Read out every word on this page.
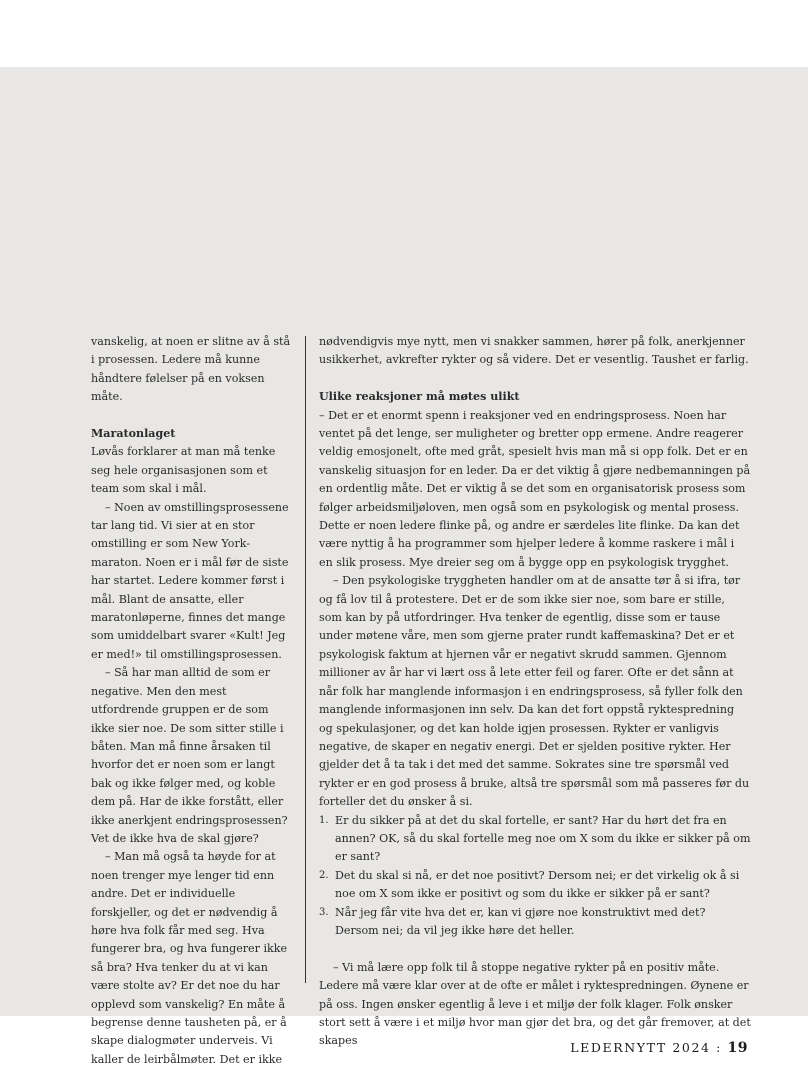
vanskelig, at noen er slitne av å stå i prosessen. Ledere må kunne håndtere følelser på en voksen måte.

Maratonlaget

Løvås forklarer at man må tenke seg hele organisasjonen som et team som skal i mål.

– Noen av omstillingsprosessene tar lang tid. Vi sier at en stor omstilling er som New York-maraton. Noen er i mål før de siste har startet. Ledere kommer først i mål. Blant de ansatte, eller maratonløperne, finnes det mange som umiddelbart svarer «Kult! Jeg er med!» til omstillingsprosessen.

– Så har man alltid de som er negative. Men den mest utfordrende gruppen er de som ikke sier noe. De som sitter stille i båten. Man må finne årsaken til hvorfor det er noen som er langt bak og ikke følger med, og koble dem på. Har de ikke forstått, eller ikke anerkjent endringsprosessen? Vet de ikke hva de skal gjøre?

– Man må også ta høyde for at noen trenger mye lenger tid enn andre. Det er individuelle forskjeller, og det er nødvendig å høre hva folk får med seg. Hva fungerer bra, og hva fungerer ikke så bra? Hva tenker du at vi kan være stolte av? Er det noe du har opplevd som vanskelig? En måte å begrense denne tausheten på, er å skape dialogmøter underveis. Vi kaller de leirbålmøter. Det er ikke

nødvendigvis mye nytt, men vi snakker sammen, hører på folk, anerkjenner usikkerhet, avkrefter rykter og så videre. Det er vesentlig. Taushet er farlig.

Ulike reaksjoner må møtes ulikt

– Det er et enormt spenn i reaksjoner ved en endringsprosess. Noen har ventet på det lenge, ser muligheter og bretter opp ermene. Andre reagerer veldig emosjonelt, ofte med gråt, spesielt hvis man må si opp folk. Det er en vanskelig situasjon for en leder. Da er det viktig å gjøre nedbemanningen på en ordentlig måte. Det er viktig å se det som en organisatorisk prosess som følger arbeidsmiljøloven, men også som en psykologisk og mental prosess. Dette er noen ledere flinke på, og andre er særdeles lite flinke. Da kan det være nyttig å ha programmer som hjelper ledere å komme raskere i mål i en slik prosess. Mye dreier seg om å bygge opp en psykologisk trygghet.

– Den psykologiske tryggheten handler om at de ansatte tør å si ifra, tør og få lov til å protestere. Det er de som ikke sier noe, som bare er stille, som kan by på utfordringer. Hva tenker de egentlig, disse som er tause under møtene våre, men som gjerne prater rundt kaffemaskina? Det er et psykologisk faktum at hjernen vår er negativt skrudd sammen. Gjennom millioner av år har vi lært oss å lete etter feil og farer. Ofte er det sånn at når folk har manglende informasjon i en endringsprosess, så fyller folk den manglende informasjonen inn selv. Da kan det fort oppstå ryktespredning og spekulasjoner, og det kan holde igjen prosessen. Rykter er vanligvis negative, de skaper en negativ energi. Det er sjelden positive rykter. Her gjelder det å ta tak i det med det samme. Sokrates sine tre spørsmål ved rykter er en god prosess å bruke, altså tre spørsmål som må passeres før du forteller det du ønsker å si.

1. Er du sikker på at det du skal fortelle, er sant? Har du hørt det fra en annen? OK, så du skal fortelle meg noe om X som du ikke er sikker på om er sant?
2. Det du skal si nå, er det noe positivt? Dersom nei; er det virkelig ok å si noe om X som ikke er positivt og som du ikke er sikker på er sant?
3. Når jeg får vite hva det er, kan vi gjøre noe konstruktivt med det? Dersom nei; da vil jeg ikke høre det heller.

– Vi må lære opp folk til å stoppe negative rykter på en positiv måte. Ledere må være klar over at de ofte er målet i ryktespredningen. Øynene er på oss. Ingen ønsker egentlig å leve i et miljø der folk klager. Folk ønsker stort sett å være i et miljø hvor man gjør det bra, og det går fremover, at det skapes	LEDERNYTT 2024 : 19
